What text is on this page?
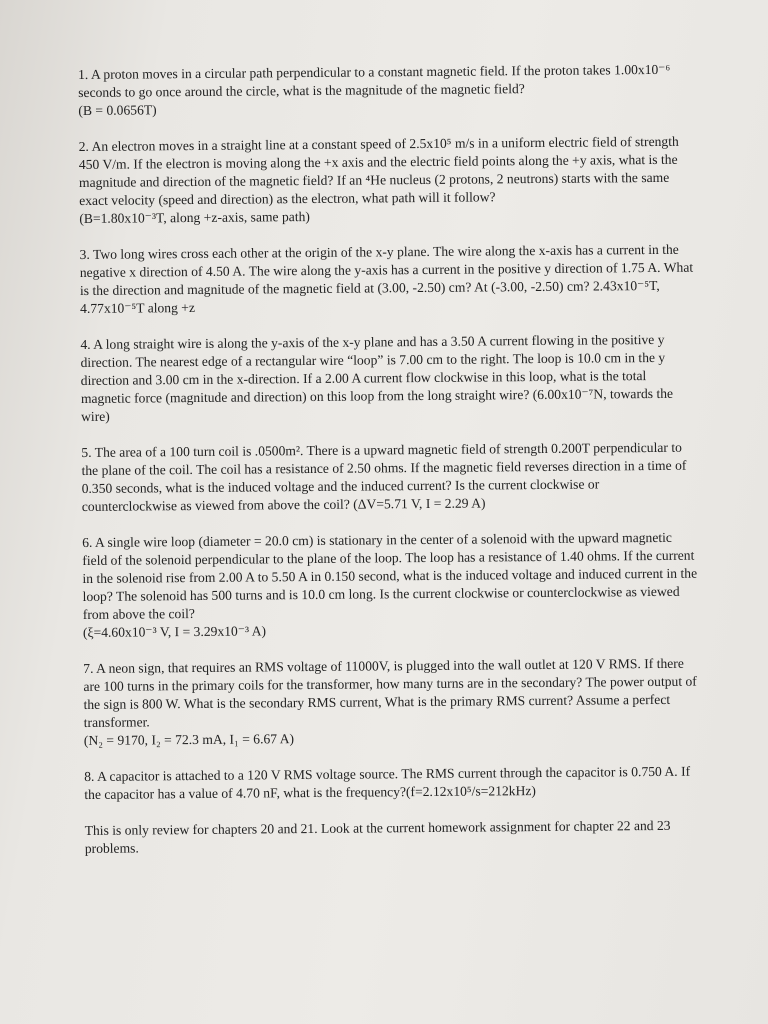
1. A proton moves in a circular path perpendicular to a constant magnetic field. If the proton takes 1.00x10⁻⁶ seconds to go once around the circle, what is the magnitude of the magnetic field?
(B = 0.0656T)
2. An electron moves in a straight line at a constant speed of 2.5x10⁵ m/s in a uniform electric field of strength 450 V/m. If the electron is moving along the +x axis and the electric field points along the +y axis, what is the magnitude and direction of the magnetic field? If an ⁴He nucleus (2 protons, 2 neutrons) starts with the same exact velocity (speed and direction) as the electron, what path will it follow?
(B=1.80x10⁻³T, along +z-axis, same path)
3. Two long wires cross each other at the origin of the x-y plane. The wire along the x-axis has a current in the negative x direction of 4.50 A. The wire along the y-axis has a current in the positive y direction of 1.75 A. What is the direction and magnitude of the magnetic field at (3.00, -2.50) cm? At (-3.00, -2.50) cm? 2.43x10⁻⁵T, 4.77x10⁻⁵T along +z
4. A long straight wire is along the y-axis of the x-y plane and has a 3.50 A current flowing in the positive y direction. The nearest edge of a rectangular wire “loop” is 7.00 cm to the right. The loop is 10.0 cm in the y direction and 3.00 cm in the x-direction. If a 2.00 A current flow clockwise in this loop, what is the total magnetic force (magnitude and direction) on this loop from the long straight wire? (6.00x10⁻⁷N, towards the wire)
5. The area of a 100 turn coil is .0500m². There is a upward magnetic field of strength 0.200T perpendicular to the plane of the coil. The coil has a resistance of 2.50 ohms. If the magnetic field reverses direction in a time of 0.350 seconds, what is the induced voltage and the induced current? Is the current clockwise or counterclockwise as viewed from above the coil? (ΔV=5.71 V, I = 2.29 A)
6. A single wire loop (diameter = 20.0 cm) is stationary in the center of a solenoid with the upward magnetic field of the solenoid perpendicular to the plane of the loop. The loop has a resistance of 1.40 ohms. If the current in the solenoid rise from 2.00 A to 5.50 A in 0.150 second, what is the induced voltage and induced current in the loop? The solenoid has 500 turns and is 10.0 cm long. Is the current clockwise or counterclockwise as viewed from above the coil?
(ξ=4.60x10⁻³ V, I = 3.29x10⁻³ A)
7. A neon sign, that requires an RMS voltage of 11000V, is plugged into the wall outlet at 120 V RMS. If there are 100 turns in the primary coils for the transformer, how many turns are in the secondary? The power output of the sign is 800 W. What is the secondary RMS current, What is the primary RMS current? Assume a perfect transformer.
(N₂ = 9170, I₂ = 72.3 mA, I₁ = 6.67 A)
8. A capacitor is attached to a 120 V RMS voltage source. The RMS current through the capacitor is 0.750 A. If the capacitor has a value of 4.70 nF, what is the frequency?(f=2.12x10⁵/s=212kHz)
This is only review for chapters 20 and 21. Look at the current homework assignment for chapter 22 and 23 problems.
